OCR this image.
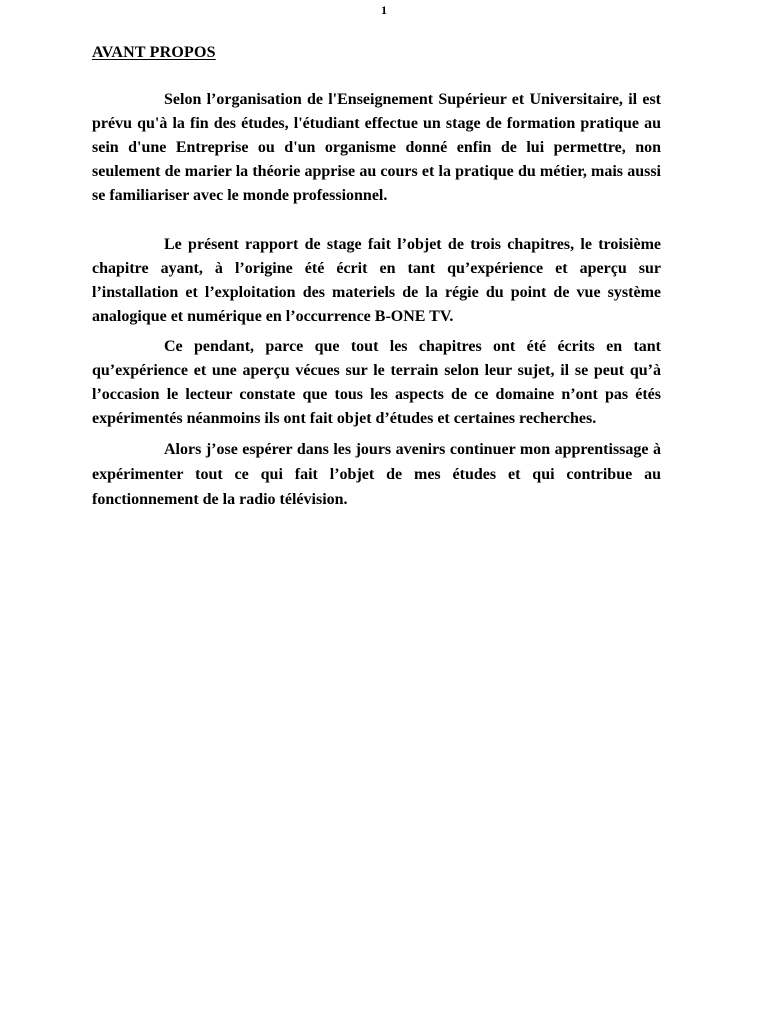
1
AVANT PROPOS

Selon l’organisation de l'Enseignement Supérieur et Universitaire, il est prévu qu'à la fin des études, l'étudiant effectue un stage de formation pratique au sein d'une Entreprise ou d'un organisme donné enfin de lui permettre, non seulement de marier la théorie apprise au cours et la pratique du métier, mais aussi se familiariser avec le monde professionnel.

Le présent rapport de stage fait l’objet de trois chapitres, le troisième chapitre ayant, à l’origine été écrit en tant qu’expérience et aperçu sur l’installation et l’exploitation des materiels de la régie du point de vue système analogique et numérique en l’occurrence B-ONE TV.

Ce pendant, parce que tout les chapitres ont été écrits en tant qu’expérience et une aperçu vécues sur le terrain selon leur sujet, il se peut qu’à l’occasion le lecteur constate que tous les aspects de ce domaine n’ont pas étés expérimentés néanmoins ils ont fait objet d’études et certaines recherches.

Alors j’ose espérer dans les jours avenirs continuer mon apprentissage à expérimenter tout ce qui fait l’objet de mes études et qui contribue au fonctionnement de la radio télévision.
